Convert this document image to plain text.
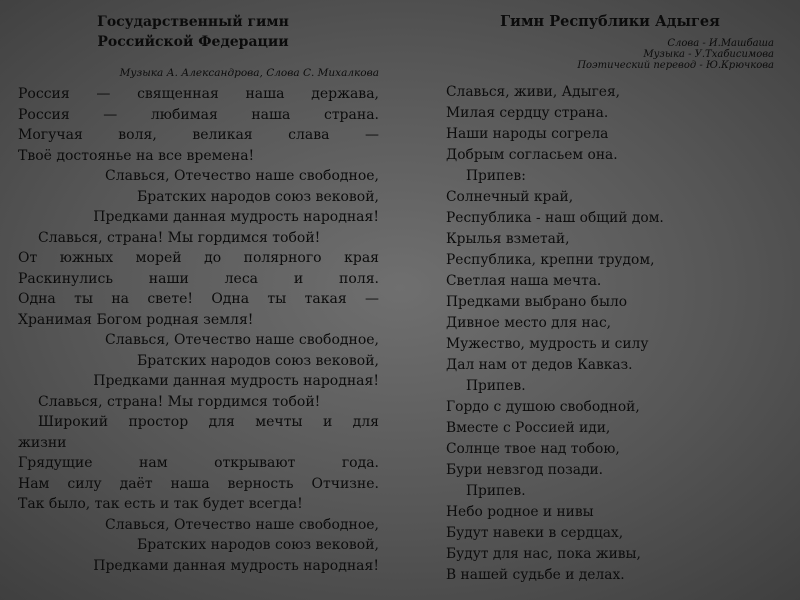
Государственный гимн
Российской Федерации
Музыка А. Александрова, Слова С. Михалкова
Россия — священная наша держава,
Россия — любимая наша страна.
Могучая воля, великая слава —
Твоё достоянье на все времена!
Славься, Отечество наше свободное,
Братских народов союз вековой,
Предками данная мудрость народная!
Славься, страна! Мы гордимся тобой!
От южных морей до полярного края
Раскинулись наши леса и поля.
Одна ты на свете! Одна ты такая —
Хранимая Богом родная земля!
Славься, Отечество наше свободное,
Братских народов союз вековой,
Предками данная мудрость народная!
Славься, страна! Мы гордимся тобой!
Широкий простор для мечты и для
жизни
Грядущие нам открывают года.
Нам силу даёт наша верность Отчизне.
Так было, так есть и так будет всегда!
Славься, Отечество наше свободное,
Братских народов союз вековой,
Предками данная мудрость народная!
Гимн Республики Адыгея
Слова - И.Машбаша
Музыка - У.Тхабисимова
Поэтический перевод - Ю.Крючкова
Славься, живи, Адыгея,
Милая сердцу страна.
Наши народы согрела
Добрым согласьем она.
Припев:
Солнечный край,
Республика - наш общий дом.
Крылья взметай,
Республика, крепни трудом,
Светлая наша мечта.
Предками выбрано было
Дивное место для нас,
Мужество, мудрость и силу
Дал нам от дедов Кавказ.
Припев.
Гордо с душою свободной,
Вместе с Россией иди,
Солнце твое над тобою,
Бури невзгод позади.
Припев.
Небо родное и нивы
Будут навеки в сердцах,
Будут для нас, пока живы,
В нашей судьбе и делах.
